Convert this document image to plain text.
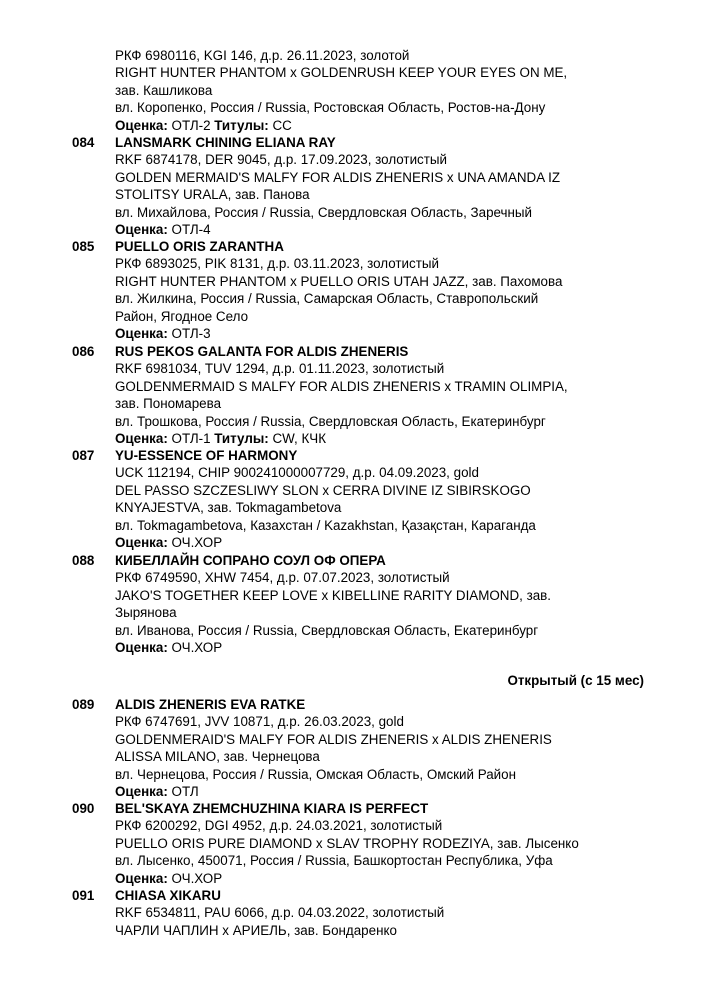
РКФ 6980116, KGI 146, д.р. 26.11.2023, золотой
RIGHT HUNTER PHANTOM x GOLDENRUSH KEEP YOUR EYES ON ME,
зав. Кашликова
вл. Коропенко, Россия / Russia, Ростовская Область, Ростов-на-Дону
Оценка: ОТЛ-2 Титулы: CC
084 LANSMARK CHINING ELIANA RAY
RKF 6874178, DER 9045, д.р. 17.09.2023, золотистый
GOLDEN MERMAID'S MALFY FOR ALDIS ZHENERIS x UNA AMANDA IZ
STOLITSY URALA, зав. Панова
вл. Михайлова, Россия / Russia, Свердловская Область, Заречный
Оценка: ОТЛ-4
085 PUELLO ORIS ZARANTHA
РКФ 6893025, PIK 8131, д.р. 03.11.2023, золотистый
RIGHT HUNTER PHANTOM x PUELLO ORIS UTAH JAZZ, зав. Пахомова
вл. Жилкина, Россия / Russia, Самарская Область, Ставропольский
Район, Ягодное Село
Оценка: ОТЛ-3
086 RUS PEKOS GALANTA FOR ALDIS ZHENERIS
RKF 6981034, TUV 1294, д.р. 01.11.2023, золотистый
GOLDENMERMAID S MALFY FOR ALDIS ZHENERIS x TRAMIN OLIMPIA,
зав. Пономарева
вл. Трошкова, Россия / Russia, Свердловская Область, Екатеринбург
Оценка: ОТЛ-1 Титулы: CW, КЧК
087 YU-ESSENCE OF HARMONY
UCK 112194, CHIP 900241000007729, д.р. 04.09.2023, gold
DEL PASSO SZCZESLIWY SLON x CERRA DIVINE IZ SIBIRSKOGO
KNYAJESTVA, зав. Tokmagambetova
вл. Tokmagambetova, Казахстан / Kazakhstan, Қазақстан, Караганда
Оценка: ОЧ.ХОР
088 КИБЕЛЛАЙН СОПРАНО СОУЛ ОФ ОПЕРА
РКФ 6749590, XHW 7454, д.р. 07.07.2023, золотистый
JAKO'S TOGETHER KEEP LOVE x KIBELLINE RARITY DIAMOND, зав.
Зырянова
вл. Иванова, Россия / Russia, Свердловская Область, Екатеринбург
Оценка: ОЧ.ХОР
Открытый (с 15 мес)
089 ALDIS ZHENERIS EVA RATKE
РКФ 6747691, JVV 10871, д.р. 26.03.2023, gold
GOLDENMERAID'S MALFY FOR ALDIS ZHENERIS x ALDIS ZHENERIS
ALISSA MILANO, зав. Чернецова
вл. Чернецова, Россия / Russia, Омская Область, Омский Район
Оценка: ОТЛ
090 BEL'SKAYA ZHEMCHUZHINA KIARA IS PERFECT
РКФ 6200292, DGI 4952, д.р. 24.03.2021, золотистый
PUELLO ORIS PURE DIAMOND x SLAV TROPHY RODEZIYA, зав. Лысенко
вл. Лысенко, 450071, Россия / Russia, Башкортостан Республика, Уфа
Оценка: ОЧ.ХОР
091 CHIASA XIKARU
RKF 6534811, PAU 6066, д.р. 04.03.2022, золотистый
ЧАРЛИ ЧАПЛИН x АРИЕЛЬ, зав. Бондаренко
